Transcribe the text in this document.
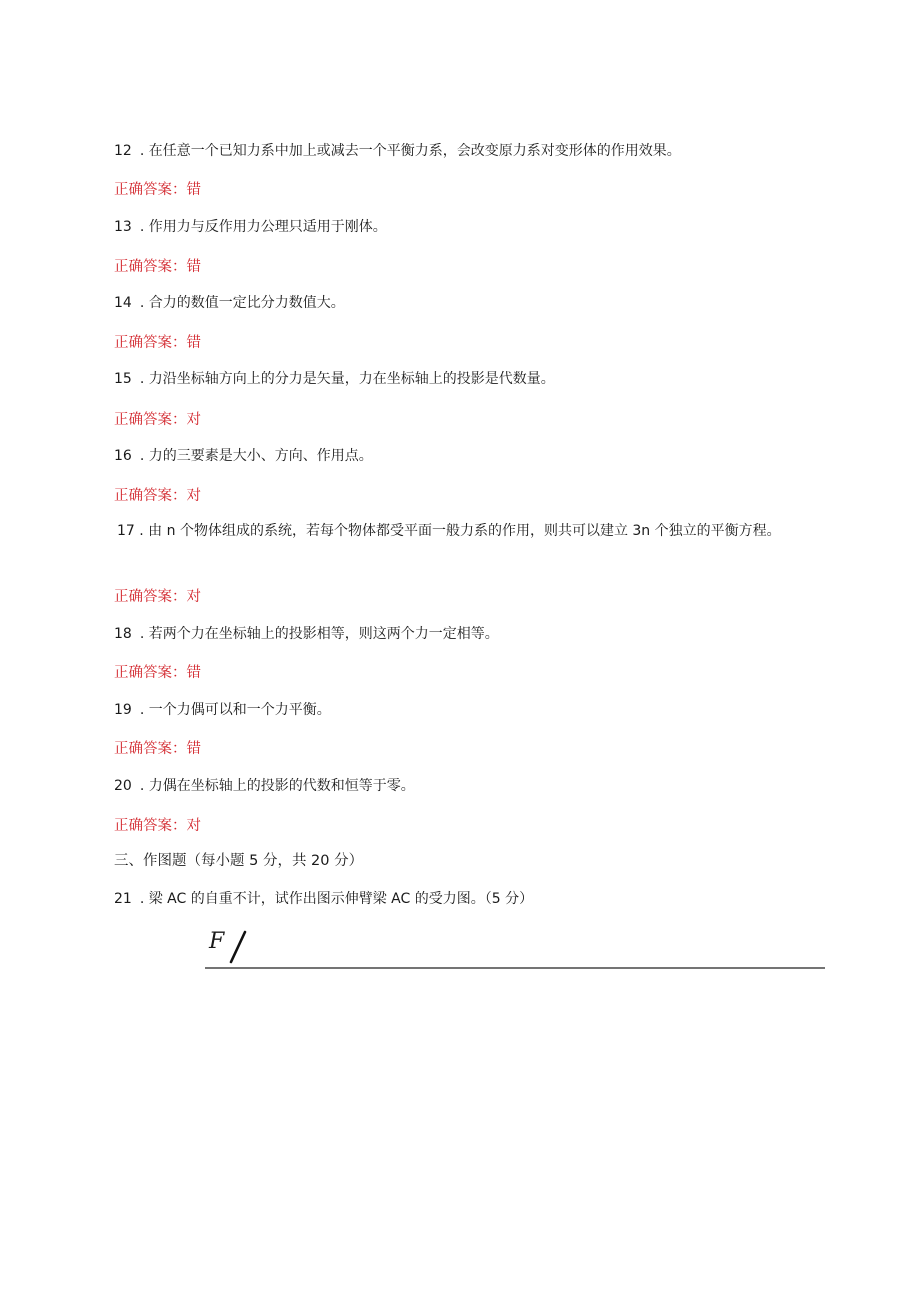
12 . 在任意一个已知力系中加上或减去一个平衡力系，会改变原力系对变形体的作用效果。
正确答案：错
13 . 作用力与反作用力公理只适用于刚体。
正确答案：错
14 . 合力的数值一定比分力数值大。
正确答案：错
15 . 力沿坐标轴方向上的分力是矢量，力在坐标轴上的投影是代数量。
正确答案：对
16 . 力的三要素是大小、方向、作用点。
正确答案：对
17 . 由 n 个物体组成的系统，若每个物体都受平面一般力系的作用，则共可以建立 3n 个独立的平衡方程。
正确答案：对
18 . 若两个力在坐标轴上的投影相等，则这两个力一定相等。
正确答案：错
19 . 一个力偶可以和一个力平衡。
正确答案：错
20 . 力偶在坐标轴上的投影的代数和恒等于零。
正确答案：对
三、作图题（每小题 5 分，共 20 分）
21 . 梁 AC 的自重不计，试作出图示伸臂梁 AC 的受力图。（5 分）
F
